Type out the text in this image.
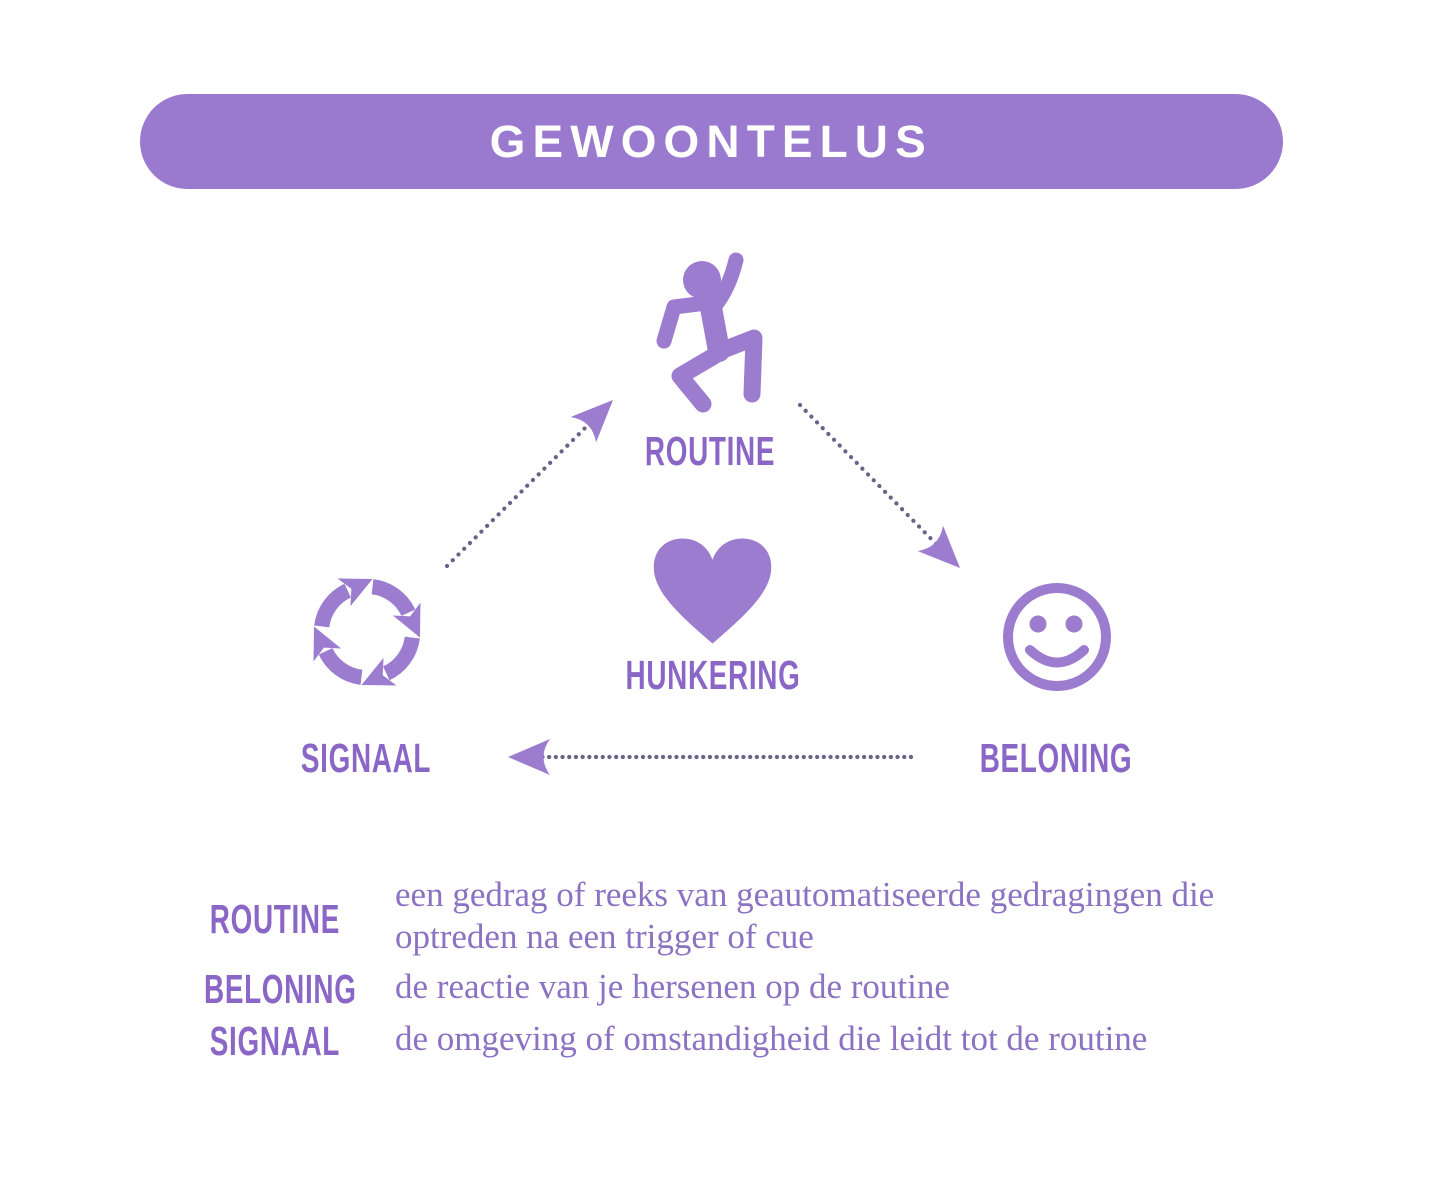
GEWOONTELUS
ROUTINE
HUNKERING
SIGNAAL	BELONING
ROUTINE
een gedrag of reeks van geautomatiseerde gedragingen die optreden na een trigger of cue
BELONING de reactie van je hersenen op de routine
SIGNAAL de omgeving of omstandigheid die leidt tot de routine
